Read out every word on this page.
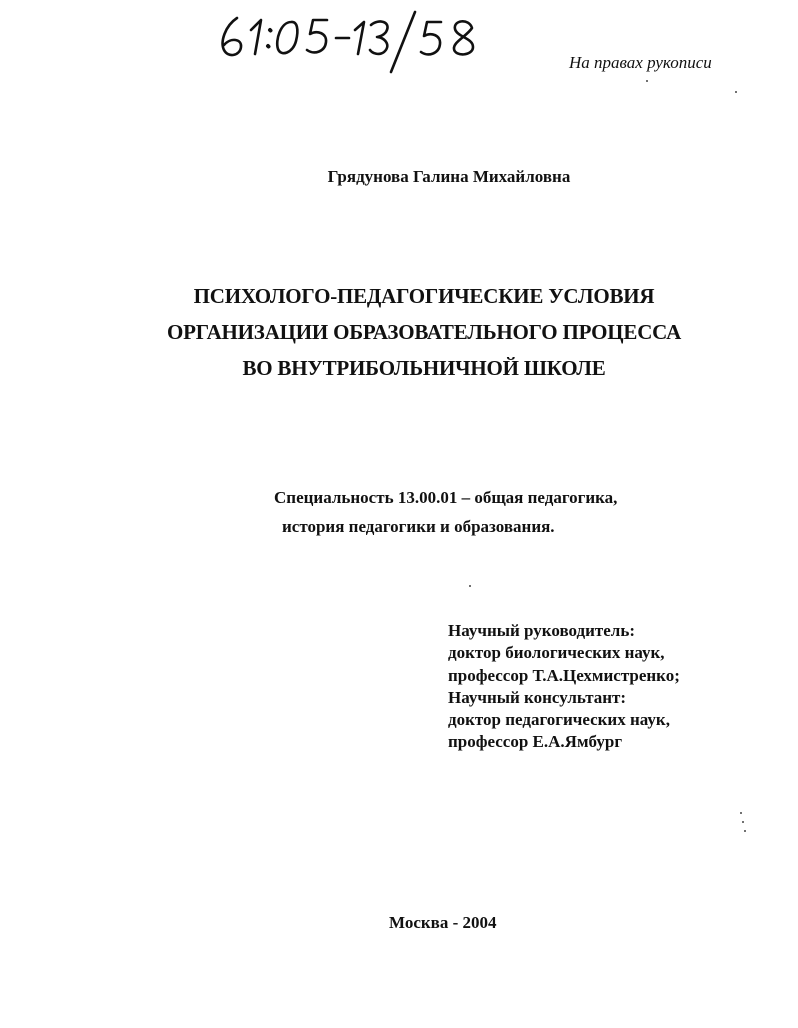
На правах рукописи
Грядунова Галина Михайловна
ПСИХОЛОГО-ПЕДАГОГИЧЕСКИЕ УСЛОВИЯ
ОРГАНИЗАЦИИ ОБРАЗОВАТЕЛЬНОГО ПРОЦЕССА
ВО ВНУТРИБОЛЬНИЧНОЙ ШКОЛЕ
Специальность 13.00.01 – общая педагогика,
история педагогики и образования.
Научный руководитель:
доктор биологических наук,
профессор Т.А.Цехмистренко;
Научный консультант:
доктор педагогических наук,
профессор Е.А.Ямбург
Москва - 2004
